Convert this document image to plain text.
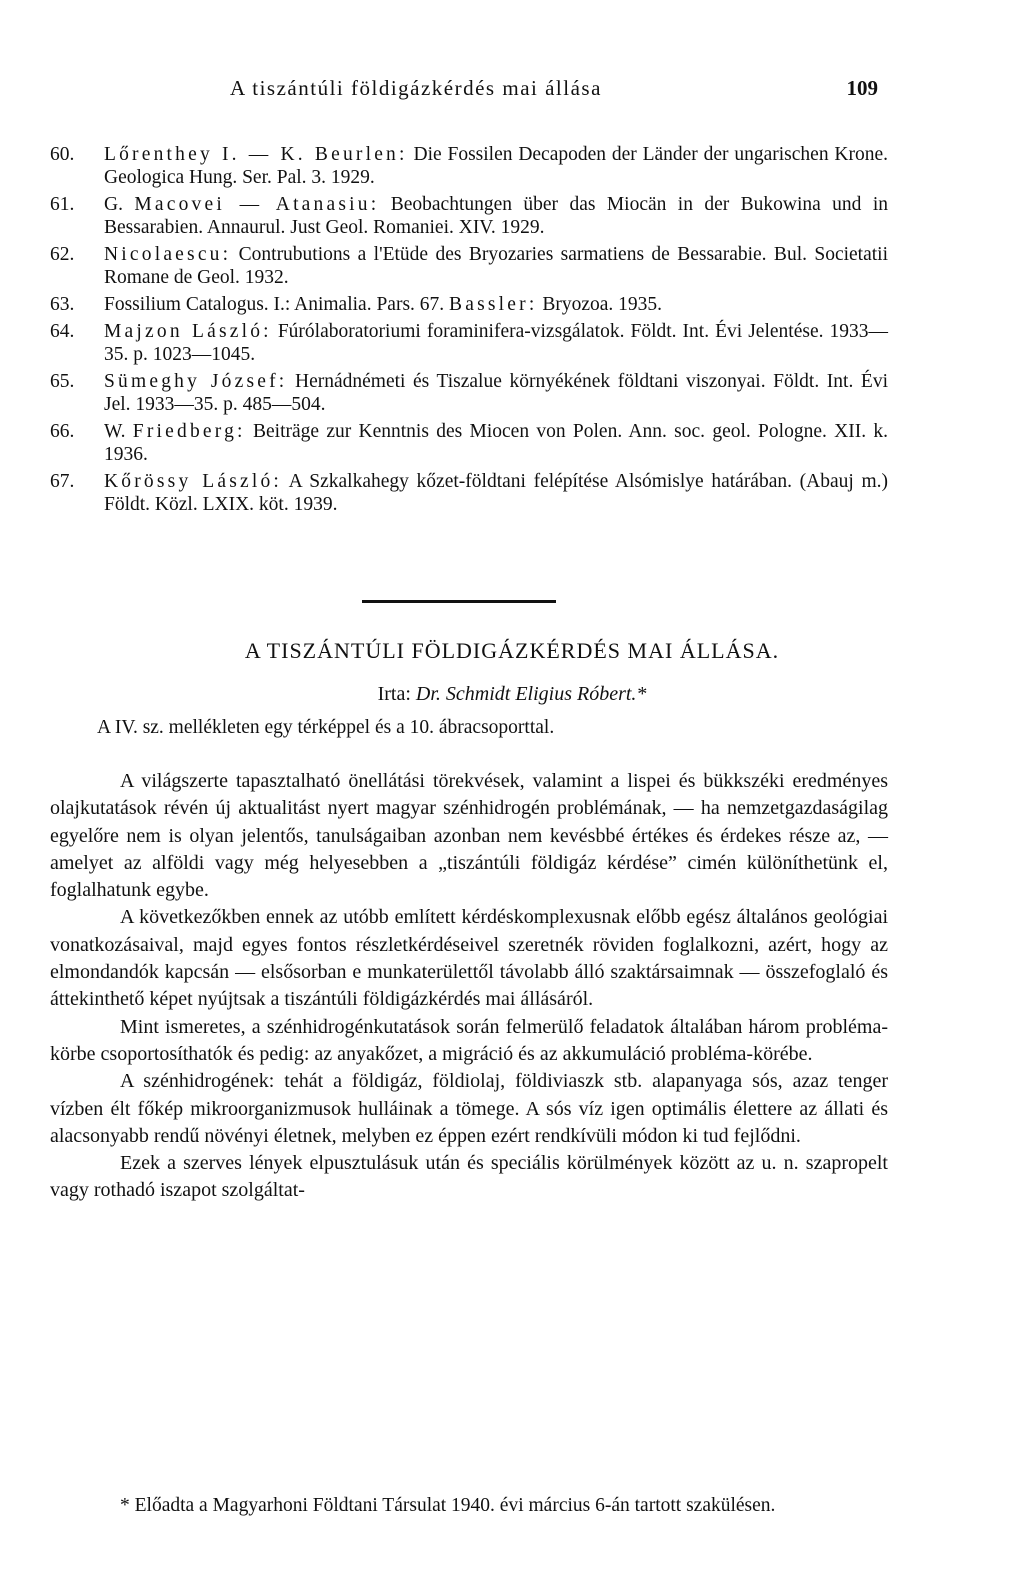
A tiszántúli földigázkérdés mai állása	109

60. Lőrenthey I. — K. Beurlen: Die Fossilen Decapoden der Länder der ungarischen Krone. Geologica Hung. Ser. Pal. 3. 1929.

61. G. Macovei — Atanasiu: Beobachtungen über das Miocän in der Bukowina und in Bessarabien. Annaurul. Just Geol. Romaniei. XIV. 1929.

62. Nicolaescu: Contrubutions a l'Etüde des Bryozaries sarmatiens de Bessarabie. Bul. Societatii Romane de Geol. 1932.

63. Fossilium Catalogus. I.: Animalia. Pars. 67. Bassler: Bryozoa. 1935.

64. Majzon László: Fúrólaboratoriumi foraminifera-vizsgálatok. Földt. Int. Évi Jelentése. 1933—35. p. 1023—1045.

65. Sümeghy József: Hernádnémeti és Tiszalue környékének földtani viszonyai. Földt. Int. Évi Jel. 1933—35. p. 485—504.

66. W. Friedberg: Beiträge zur Kenntnis des Miocen von Polen. Ann. soc. geol. Pologne. XII. k. 1936.

67. Kőrössy László: A Szkalkahegy kőzet-földtani felépítése Alsómislye határában. (Abauj m.) Földt. Közl. LXIX. köt. 1939.

A TISZÁNTÚLI FÖLDIGÁZKÉRDÉS MAI ÁLLÁSA.
Irta: Dr. Schmidt Eligius Róbert.*
A IV. sz. mellékleten egy térképpel és a 10. ábracsoporttal.

A világszerte tapasztalható önellátási törekvések, valamint a lispei és bükkszéki eredményes olajkutatások révén új aktualitást nyert magyar szénhidrogén problémának, — ha nemzetgazdaságilag egyelőre nem is olyan jelentős, tanulságaiban azonban nem kevésbbé értékes és érdekes része az, — amelyet az alföldi vagy még helyesebben a „tiszántúli földigáz kérdése” cimén különíthetünk el, foglalhatunk egybe.

A következőkben ennek az utóbb említett kérdéskomplexusnak előbb egész általános geológiai vonatkozásaival, majd egyes fontos részletkérdéseivel szeretnék röviden foglalkozni, azért, hogy az elmondandók kapcsán — elsősorban e munkaterülettől távolabb álló szaktársaimnak — összefoglaló és áttekinthető képet nyújtsak a tiszántúli földigázkérdés mai állásáról.

Mint ismeretes, a szénhidrogénkutatások során felmerülő feladatok általában három probléma-körbe csoportosíthatók és pedig: az anyakőzet, a migráció és az akkumuláció probléma-körébe.

A szénhidrogének: tehát a földigáz, földiolaj, földiviaszk stb. alapanyaga sós, azaz tenger vízben élt főkép mikroorganizmusok hulláinak a tömege. A sós víz igen optimális élettere az állati és alacsonyabb rendű növényi életnek, melyben ez éppen ezért rendkívüli módon ki tud fejlődni.

Ezek a szerves lények elpusztulásuk után és speciális körülmények között az u. n. szapropelt vagy rothadó iszapot szolgáltat-

* Előadta a Magyarhoni Földtani Társulat 1940. évi március 6-án tartott szakülésen.
